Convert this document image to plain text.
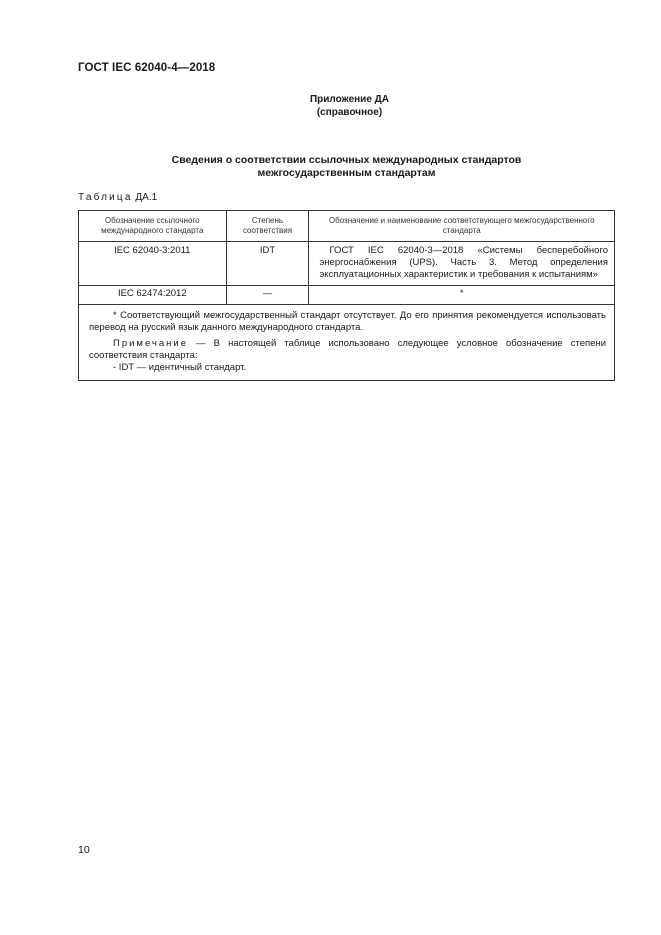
ГОСТ IEC 62040-4—2018
Приложение ДА
(справочное)
Сведения о соответствии ссылочных международных стандартов
межгосударственным стандартам
Таблица ДА.1
Обозначение ссылочного международного стандарта	Степень соответствия	Обозначение и наименование соответствующего межгосударственного стандарта
IEC 62040-3:2011	IDT	ГОСТ IEC 62040-3—2018 «Системы бесперебойного энергоснабжения (UPS). Часть 3. Метод определения эксплуатационных характеристик и требования к испытаниям»
IEC 62474:2012	—	*

* Соответствующий межгосударственный стандарт отсутствует. До его принятия рекомендуется использовать перевод на русский язык данного международного стандарта.

Примечание — В настоящей таблице использовано следующее условное обозначение степени соответствия стандарта:

- IDT — идентичный стандарт.		

10
